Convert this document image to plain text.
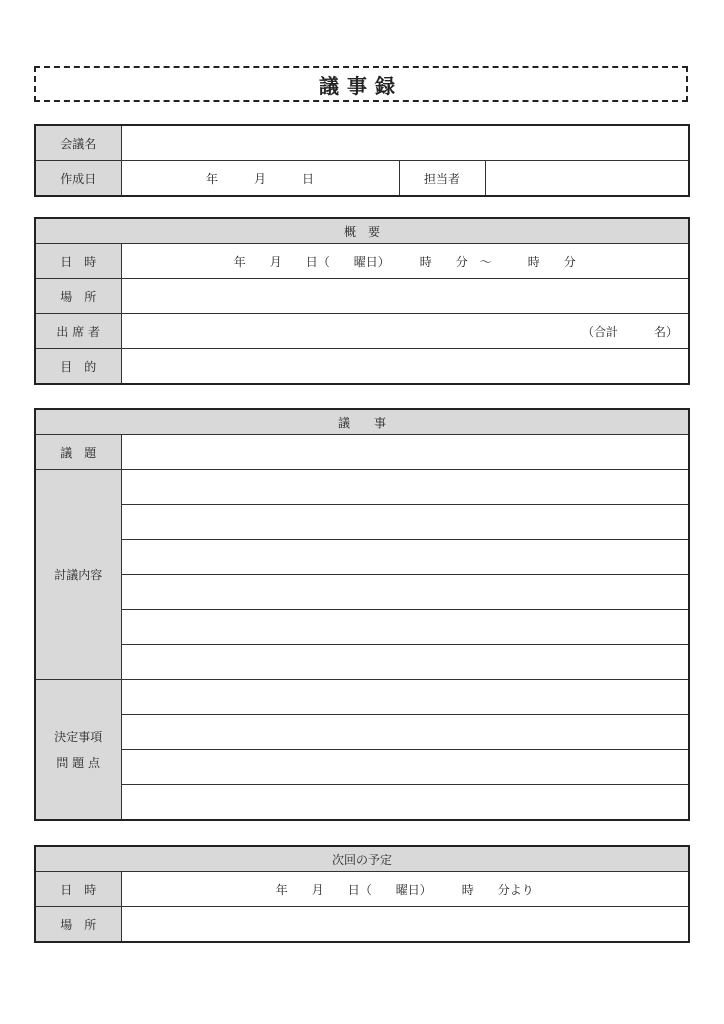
議事録
会議名			
作成日	年　　　月　　　日	担当者	
概　要	
日　時	年　　月　　日（　　曜日）　　　時　　分　～　　　時　　分
場　所	
出 席 者	（合計　　　名）
目　的	
議　　事	
議　題	
討議内容	

決定事項
問 題 点	

次回の予定	
日　時	年　　月　　日（　　曜日）　　　時　　分より
場　所	
